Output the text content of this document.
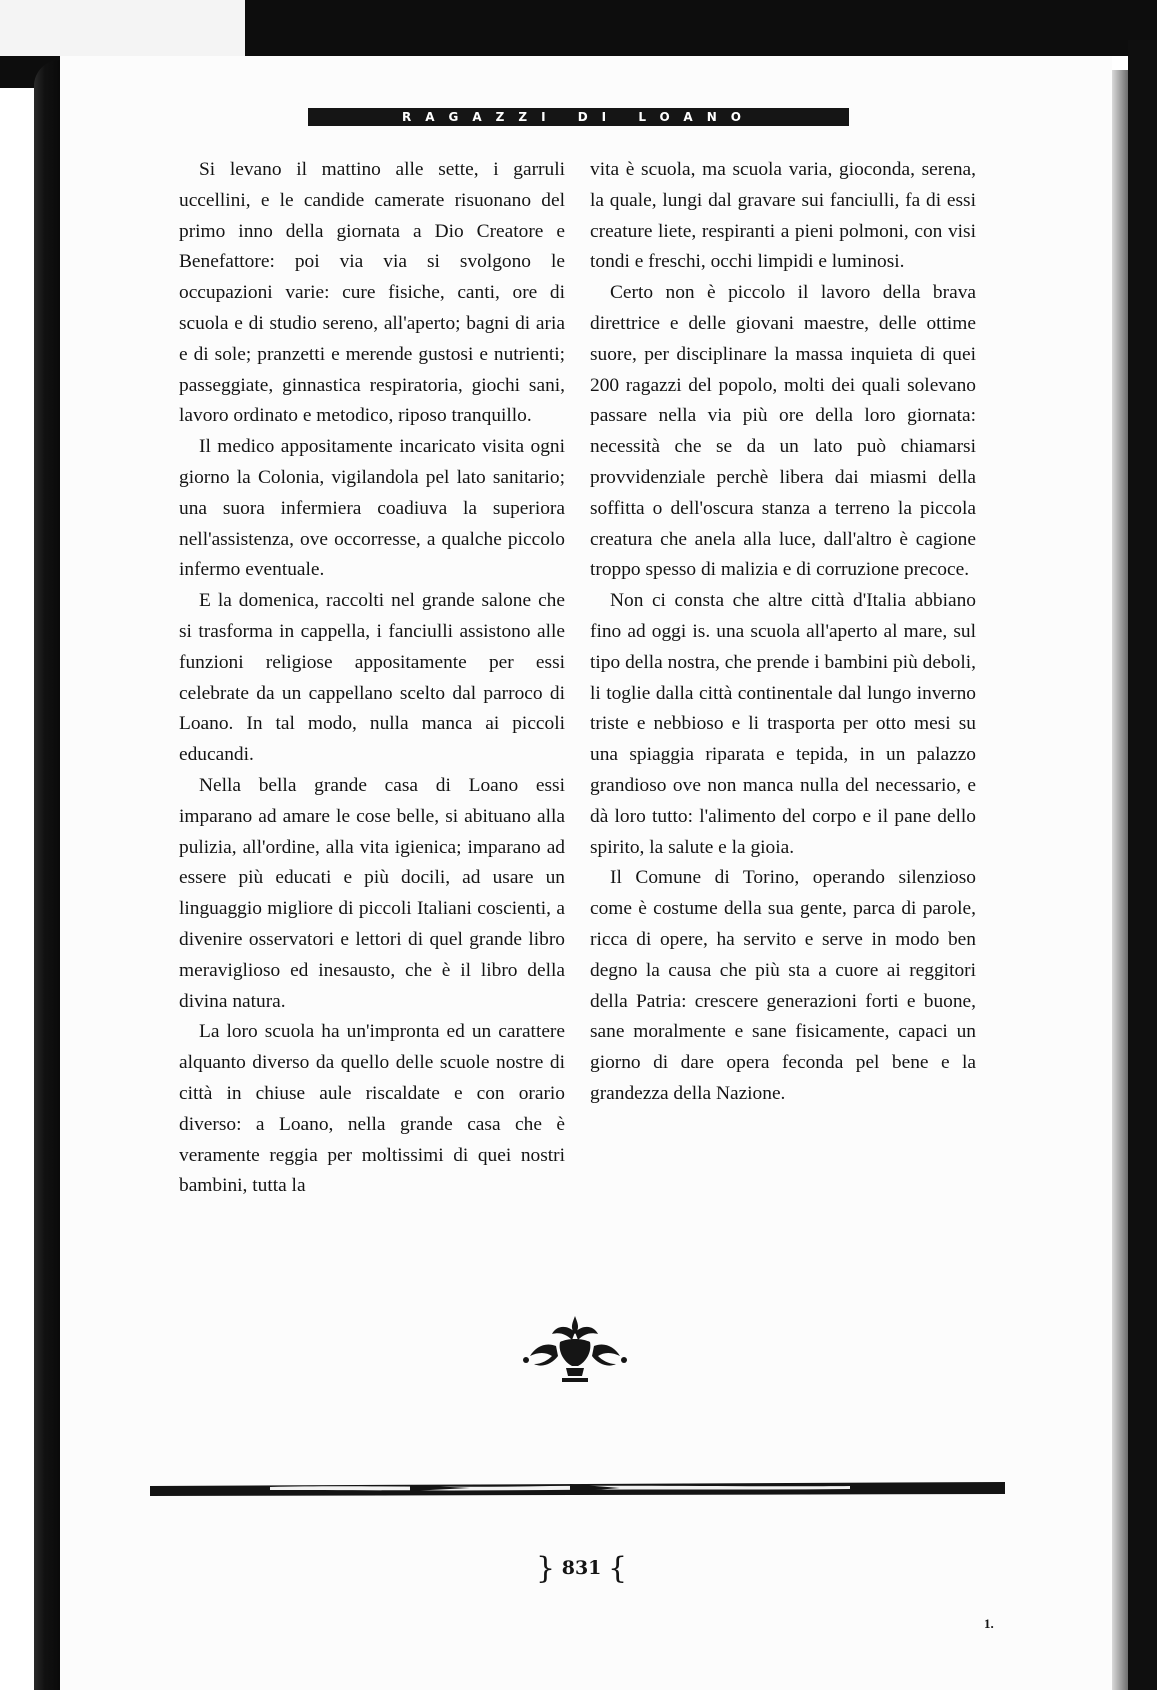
RAGAZZI DI LOANO

Si levano il mattino alle sette, i garruli uccellini, e le candide camerate risuonano del primo inno della giornata a Dio Creatore e Benefattore: poi via via si svolgono le occupazioni varie: cure fisiche, canti, ore di scuola e di studio sereno, all'aperto; bagni di aria e di sole; pranzetti e merende gustosi e nutrienti; passeggiate, ginnastica respiratoria, giochi sani, lavoro ordinato e metodico, riposo tranquillo.

Il medico appositamente incaricato visita ogni giorno la Colonia, vigilandola pel lato sanitario; una suora infermiera coadiuva la superiora nell'assistenza, ove occorresse, a qualche piccolo infermo eventuale.

E la domenica, raccolti nel grande salone che si trasforma in cappella, i fanciulli assistono alle funzioni religiose appositamente per essi celebrate da un cappellano scelto dal parroco di Loano. In tal modo, nulla manca ai piccoli educandi.

Nella bella grande casa di Loano essi imparano ad amare le cose belle, si abituano alla pulizia, all'ordine, alla vita igienica; imparano ad essere più educati e più docili, ad usare un linguaggio migliore di piccoli Italiani coscienti, a divenire osservatori e lettori di quel grande libro meraviglioso ed inesausto, che è il libro della divina natura.

La loro scuola ha un'impronta ed un carattere alquanto diverso da quello delle scuole nostre di città in chiuse aule riscaldate e con orario diverso: a Loano, nella grande casa che è veramente reggia per moltissimi di quei nostri bambini, tutta la

vita è scuola, ma scuola varia, gioconda, serena, la quale, lungi dal gravare sui fanciulli, fa di essi creature liete, respiranti a pieni polmoni, con visi tondi e freschi, occhi limpidi e luminosi.

Certo non è piccolo il lavoro della brava direttrice e delle giovani maestre, delle ottime suore, per disciplinare la massa inquieta di quei 200 ragazzi del popolo, molti dei quali solevano passare nella via più ore della loro giornata: necessità che se da un lato può chiamarsi provvidenziale perchè libera dai miasmi della soffitta o dell'oscura stanza a terreno la piccola creatura che anela alla luce, dall'altro è cagione troppo spesso di malizia e di corruzione precoce.

Non ci consta che altre città d'Italia abbiano fino ad oggi is. una scuola all'aperto al mare, sul tipo della nostra, che prende i bambini più deboli, li toglie dalla città continentale dal lungo inverno triste e nebbioso e li trasporta per otto mesi su una spiaggia riparata e tepida, in un palazzo grandioso ove non manca nulla del necessario, e dà loro tutto: l'alimento del corpo e il pane dello spirito, la salute e la gioia.

Il Comune di Torino, operando silenzioso come è costume della sua gente, parca di parole, ricca di opere, ha servito e serve in modo ben degno la causa che più sta a cuore ai reggitori della Patria: crescere generazioni forti e buone, sane moralmente e sane fisicamente, capaci un giorno di dare opera feconda pel bene e la grandezza della Nazione.

} 831 {
1.
